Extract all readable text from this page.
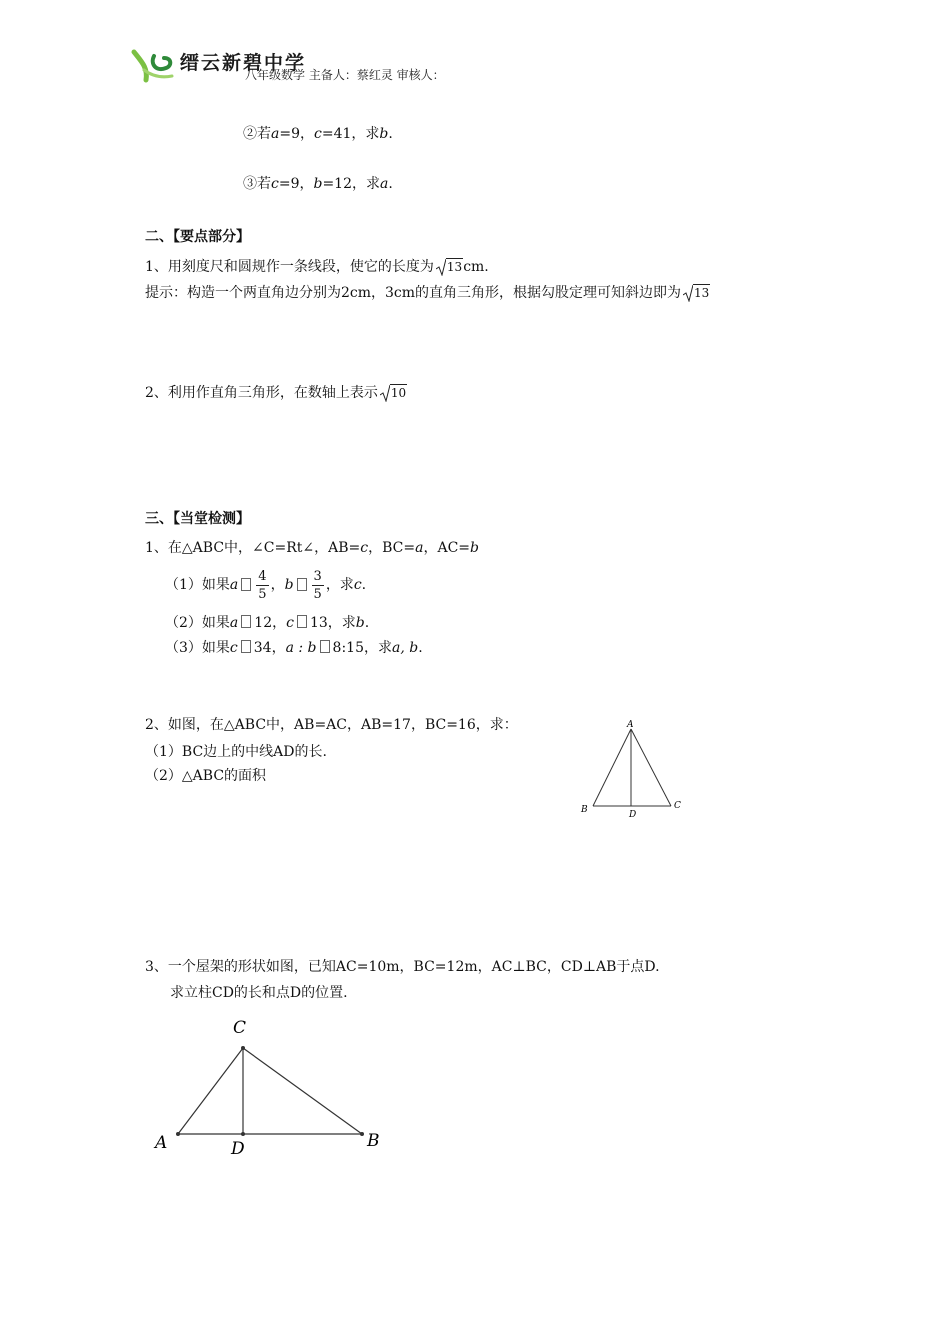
缙云新碧中学
八年级数学 主备人：蔡红灵 审核人：
②若a=9，c=41，求b.
③若c=9，b=12，求a.
二、【要点部分】
1、用刻度尺和圆规作一条线段，使它的长度为 13cm.
提示：构造一个两直角边分别为2cm，3cm的直角三角形，根据勾股定理可知斜边即为 13
2、利用作直角三角形，在数轴上表示 10
三、【当堂检测】
1、在△ABC中，∠C=Rt∠，AB=c，BC=a，AC=b
（1）如果a $\frac{4}{5}$ ，b $\frac{3}{5}$ ，求c.
（2）如果a 12，c 13，求b.
（3）如果c 34，a : b 8:15，求a, b.
2、如图，在△ABC中，AB=AC，AB=17，BC=16，求：
（1）BC边上的中线AD的长.
（2）△ABC的面积
A
B	C
D
3、一个屋架的形状如图，已知AC=10m，BC=12m，AC⊥BC，CD⊥AB于点D.
求立柱CD的长和点D的位置.
C
A	B
D
